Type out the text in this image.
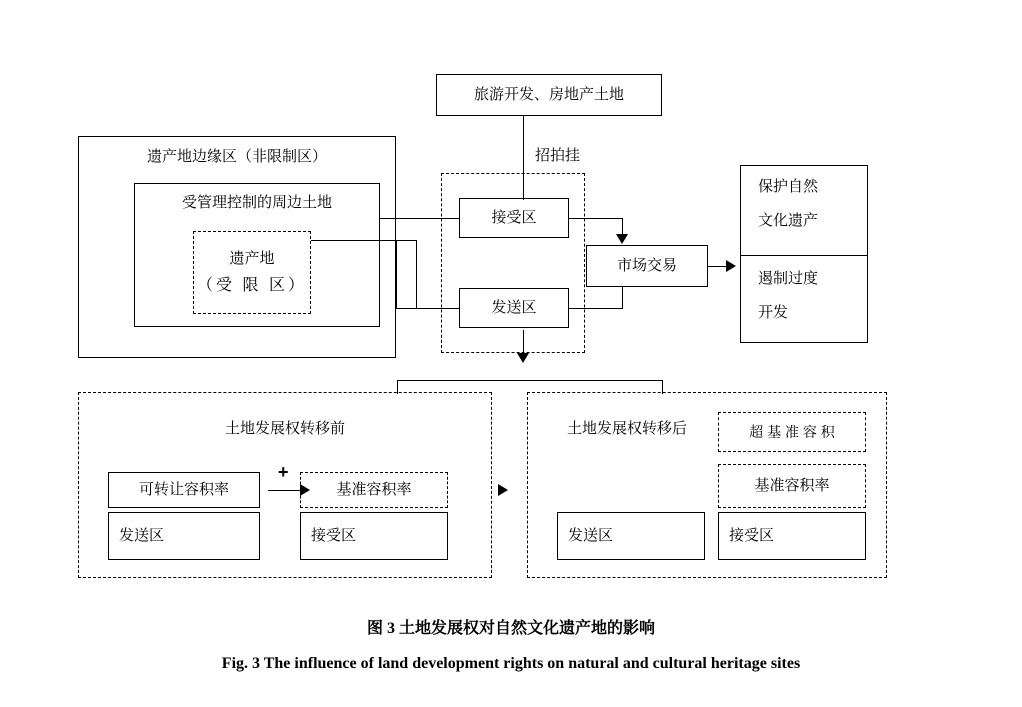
旅游开发、房地产土地
招拍挂
遗产地边缘区（非限制区）
受管理控制的周边土地
遗产地
（受 限 区）
接受区
发送区
市场交易
保护自然
文化遗产
遏制过度
开发
土地发展权转移前
可转让容积率
发送区
+
基准容积率
接受区
土地发展权转移后
发送区
超 基 准 容 积
基准容积率
接受区
图 3 土地发展权对自然文化遗产地的影响
Fig. 3 The influence of land development rights on natural and cultural heritage sites
